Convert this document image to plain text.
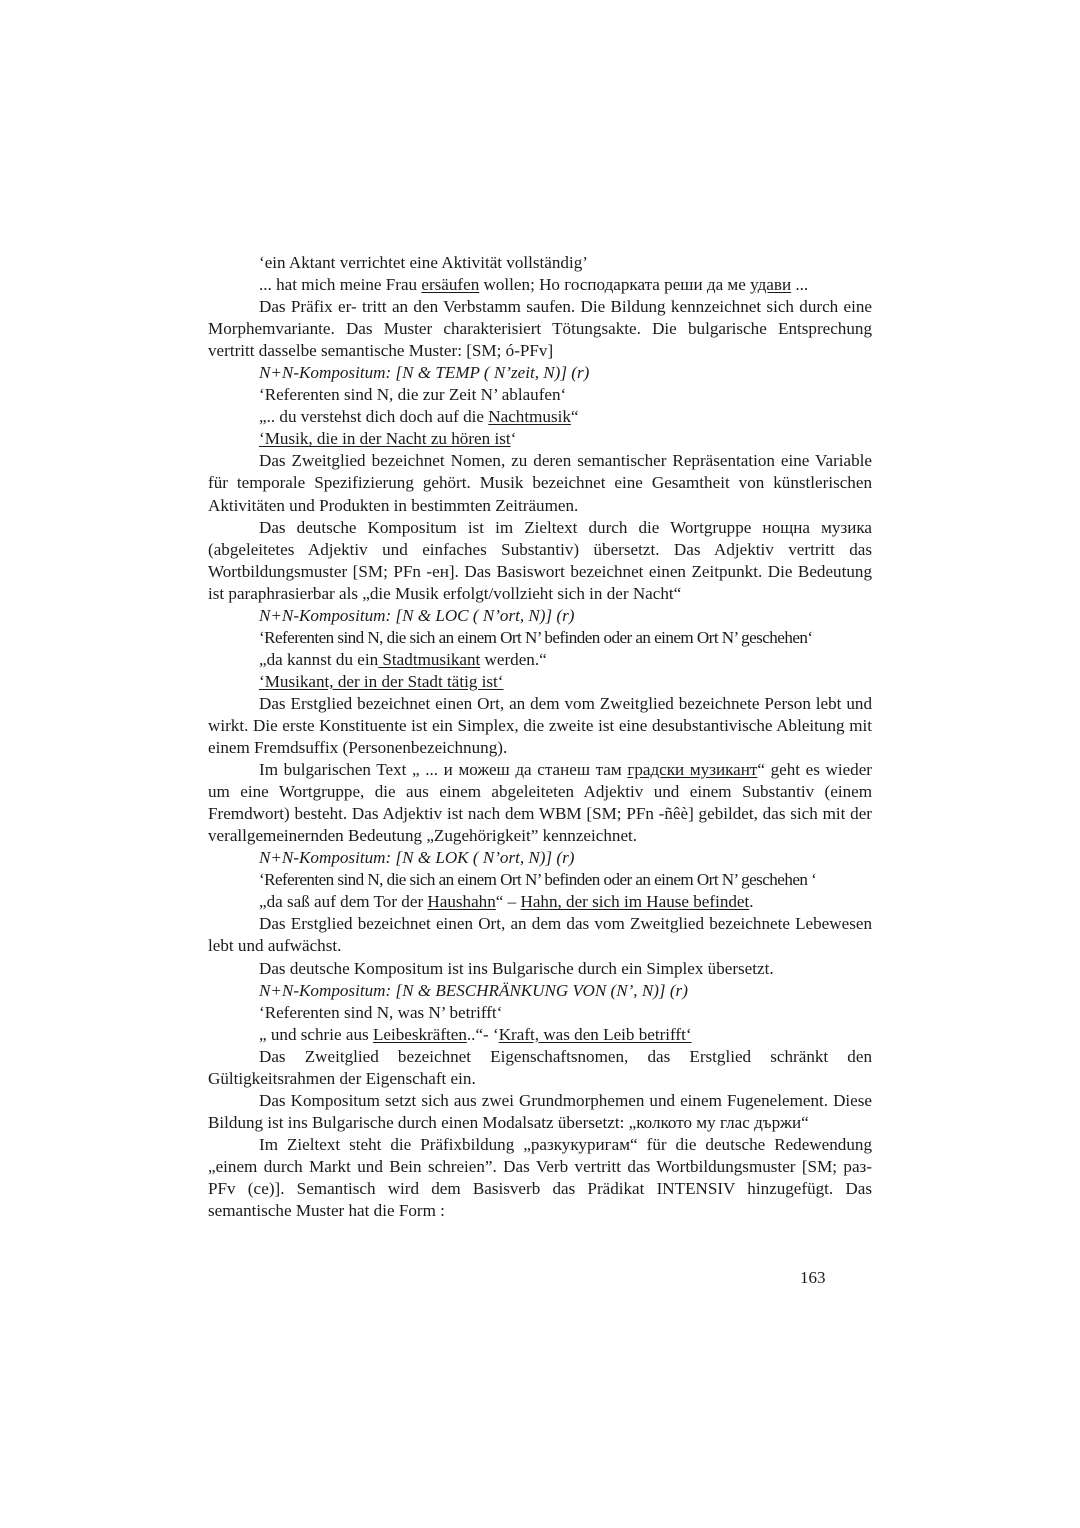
‘ein Aktant verrichtet eine Aktivität vollständig’

... hat mich meine Frau ersäufen wollen; Но господарката реши да ме удави ...

Das Präfix er- tritt an den Verbstamm saufen. Die Bildung kennzeichnet sich durch eine Morphemvariante. Das Muster charakterisiert Tötungsakte. Die bulgarische Entsprechung vertritt dasselbe semantische Muster: [SM; ó-PFv]

N+N-Kompositum: [N & TEMP ( N’zeit, N)] (r)

‘Referenten sind N, die zur Zeit N’ ablaufen‘

„.. du verstehst dich doch auf die Nachtmusik“

‘Musik, die in der Nacht zu hören ist‘

Das Zweitglied bezeichnet Nomen, zu deren semantischer Repräsentation eine Variable für temporale Spezifizierung gehört. Musik bezeichnet eine Gesamtheit von künstlerischen Aktivitäten und Produkten in bestimmten Zeiträumen.

Das deutsche Kompositum ist im Zieltext durch die Wortgruppe нощна музика (abgeleitetes Adjektiv und einfaches Substantiv) übersetzt. Das Adjektiv vertritt das Wortbildungsmuster [SM; PFn -ен]. Das Basiswort bezeichnet einen Zeitpunkt. Die Bedeutung ist paraphrasierbar als „die Musik erfolgt/vollzieht sich in der Nacht“

N+N-Kompositum: [N & LOC ( N’ort, N)] (r)

‘Referenten sind N, die sich an einem Ort N’ befinden oder an einem Ort N’ geschehen‘

„da kannst du ein Stadtmusikant werden.“

‘Musikant, der in der Stadt tätig ist‘

Das Erstglied bezeichnet einen Ort, an dem vom Zweitglied bezeichnete Person lebt und wirkt. Die erste Konstituente ist ein Simplex, die zweite ist eine desubstantivische Ableitung mit einem Fremdsuffix (Personenbezeichnung).

Im bulgarischen Text „ ... и можеш да станеш там градски музикант“ geht es wieder um eine Wortgruppe, die aus einem abgeleiteten Adjektiv und einem Substantiv (einem Fremdwort) besteht. Das Adjektiv ist nach dem WBM [SM; PFn -ñêè] gebildet, das sich mit der verallgemeinernden Bedeutung „Zugehörigkeit” kennzeichnet.

N+N-Kompositum: [N & LOK ( N’ort, N)] (r)

‘Referenten sind N, die sich an einem Ort N’ befinden oder an einem Ort N’ geschehen ‘

„da saß auf dem Tor der Haushahn“ – Hahn, der sich im Hause befindet.

Das Erstglied bezeichnet einen Ort, an dem das vom Zweitglied bezeichnete Lebewesen lebt und aufwächst.

Das deutsche Kompositum ist ins Bulgarische durch ein Simplex übersetzt.

N+N-Kompositum: [N & BESCHRÄNKUNG VON (N’, N)] (r)

‘Referenten sind N, was N’ betrifft‘

„ und schrie aus Leibeskräften..“- ‘Kraft, was den Leib betrifft‘

Das Zweitglied bezeichnet Eigenschaftsnomen, das Erstglied schränkt den Gültigkeitsrahmen der Eigenschaft ein.

Das Kompositum setzt sich aus zwei Grundmorphemen und einem Fugenelement. Diese Bildung ist ins Bulgarische durch einen Modalsatz übersetzt: „колкото му глас държи“

Im Zieltext steht die Präfixbildung „разкукуригам“ für die deutsche Redewendung „einem durch Markt und Bein schreien”. Das Verb vertritt das Wortbildungsmuster [SM; раз- PFv (се)]. Semantisch wird dem Basisverb das Prädikat INTENSIV hinzugefügt. Das semantische Muster hat die Form :

163
